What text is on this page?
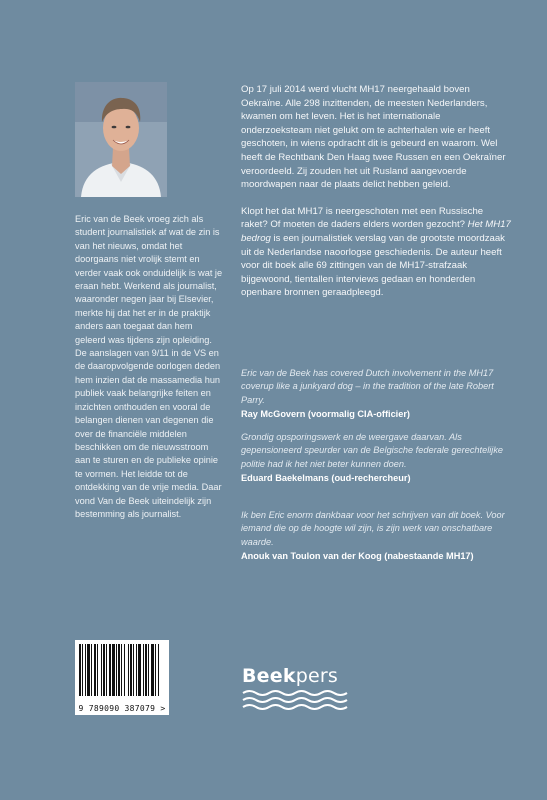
Eric van de Beek vroeg zich als student journalistiek af wat de zin is van het nieuws, omdat het doorgaans niet vrolijk stemt en verder vaak ook onduidelijk is wat je eraan hebt. Werkend als journalist, waaronder negen jaar bij Elsevier, merkte hij dat het er in de praktijk anders aan toegaat dan hem geleerd was tijdens zijn opleiding. De aanslagen van 9/11 in de VS en de daaropvolgende oorlogen deden hem inzien dat de massamedia hun publiek vaak belangrijke feiten en inzichten onthouden en vooral de belangen dienen van degenen die over de financiële middelen beschikken om de nieuwsstroom aan te sturen en de publieke opinie te vormen. Het leidde tot de ontdekking van de vrije media. Daar vond Van de Beek uiteindelijk zijn bestemming als journalist.

Op 17 juli 2014 werd vlucht MH17 neergehaald boven Oekraïne. Alle 298 inzittenden, de meesten Nederlanders, kwamen om het leven. Het is het internationale onderzoeksteam niet gelukt om te achterhalen wie er heeft geschoten, in wiens opdracht dit is gebeurd en waarom. Wel heeft de Rechtbank Den Haag twee Russen en een Oekraïner veroordeeld. Zij zouden het uit Rusland aangevoerde moordwapen naar de plaats delict hebben geleid.

Klopt het dat MH17 is neergeschoten met een Russische raket? Of moeten de daders elders worden gezocht? Het MH17 bedrog is een journalistiek verslag van de grootste moordzaak uit de Nederlandse naoorlogse geschiedenis. De auteur heeft voor dit boek alle 69 zittingen van de MH17-strafzaak bijgewoond, tientallen interviews gedaan en honderden openbare bronnen geraadpleegd.

Eric van de Beek has covered Dutch involvement in the MH17 coverup like a junkyard dog – in the tradition of the late Robert Parry.

Ray McGovern (voormalig CIA-officier)

Grondig opsporingswerk en de weergave daarvan. Als gepensioneerd speurder van de Belgische federale gerechtelijke politie had ik het niet beter kunnen doen.

Eduard Baekelmans (oud-rechercheur)

Ik ben Eric enorm dankbaar voor het schrijven van dit boek. Voor iemand die op de hoogte wil zijn, is zijn werk van onschatbare waarde.

Anouk van Toulon van der Koog (nabestaande MH17)

9 789090 387079 >
Beekpers
